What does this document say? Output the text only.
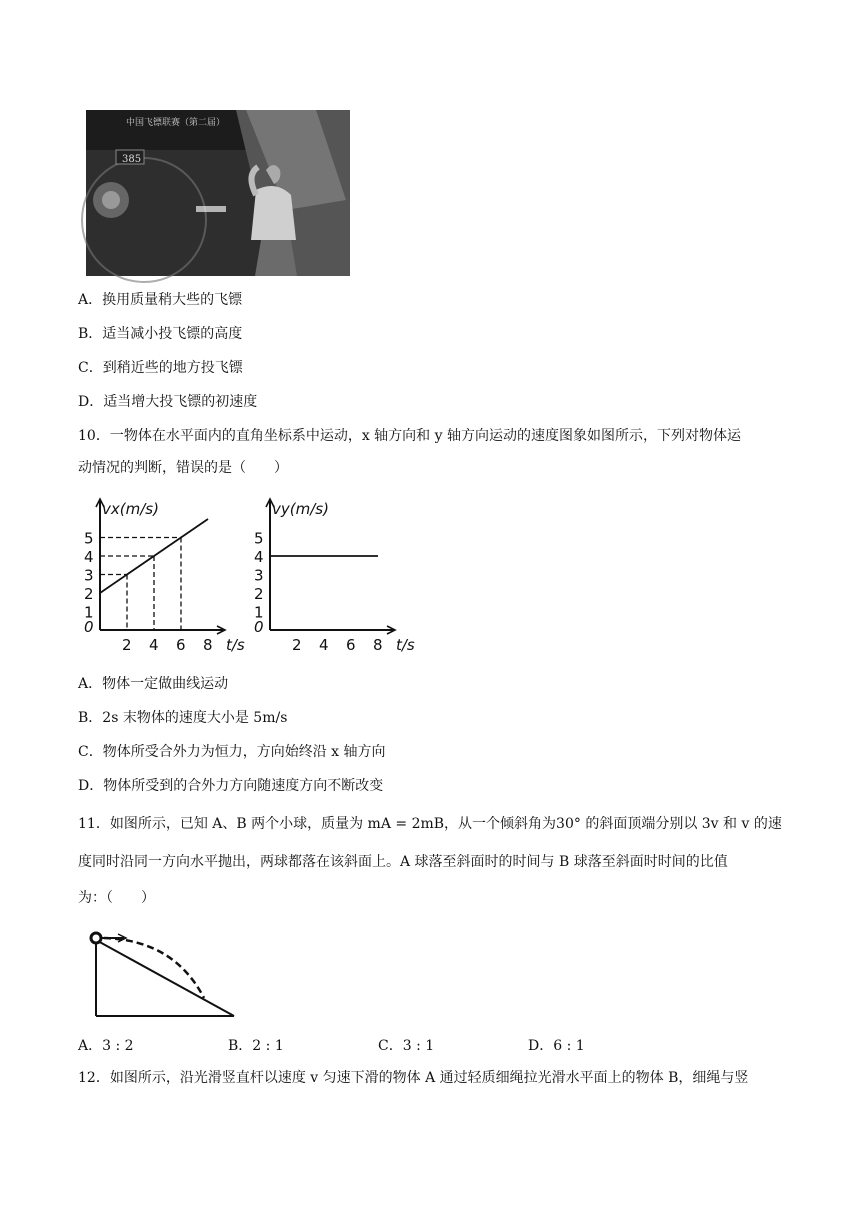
中国飞镖联赛（第二届）
385
A．换用质量稍大些的飞镖
B．适当减小投飞镖的高度
C．到稍近些的地方投飞镖
D．适当增大投飞镖的初速度
10．一物体在水平面内的直角坐标系中运动，x 轴方向和 y 轴方向运动的速度图象如图所示，下列对物体运
动情况的判断，错误的是（　　）
vx(m/s)
t/s
0
1
2
3
4
5
2 4 6 8
vy(m/s)
t/s
0
1
2
3
4
5
2 4 6 8
A．物体一定做曲线运动
B．2s 末物体的速度大小是 5m/s
C．物体所受合外力为恒力，方向始终沿 x 轴方向
D．物体所受到的合外力方向随速度方向不断改变
11．如图所示，已知 A、B 两个小球，质量为 mA = 2mB，从一个倾斜角为30° 的斜面顶端分别以 3v 和 v 的速
度同时沿同一方向水平抛出，两球都落在该斜面上。A 球落至斜面时的时间与 B 球落至斜面时时间的比值
为：（　　）
A．3 : 2	B．2 : 1	C．3 : 1	D．6 : 1
12．如图所示，沿光滑竖直杆以速度 v 匀速下滑的物体 A 通过轻质细绳拉光滑水平面上的物体 B，细绳与竖
